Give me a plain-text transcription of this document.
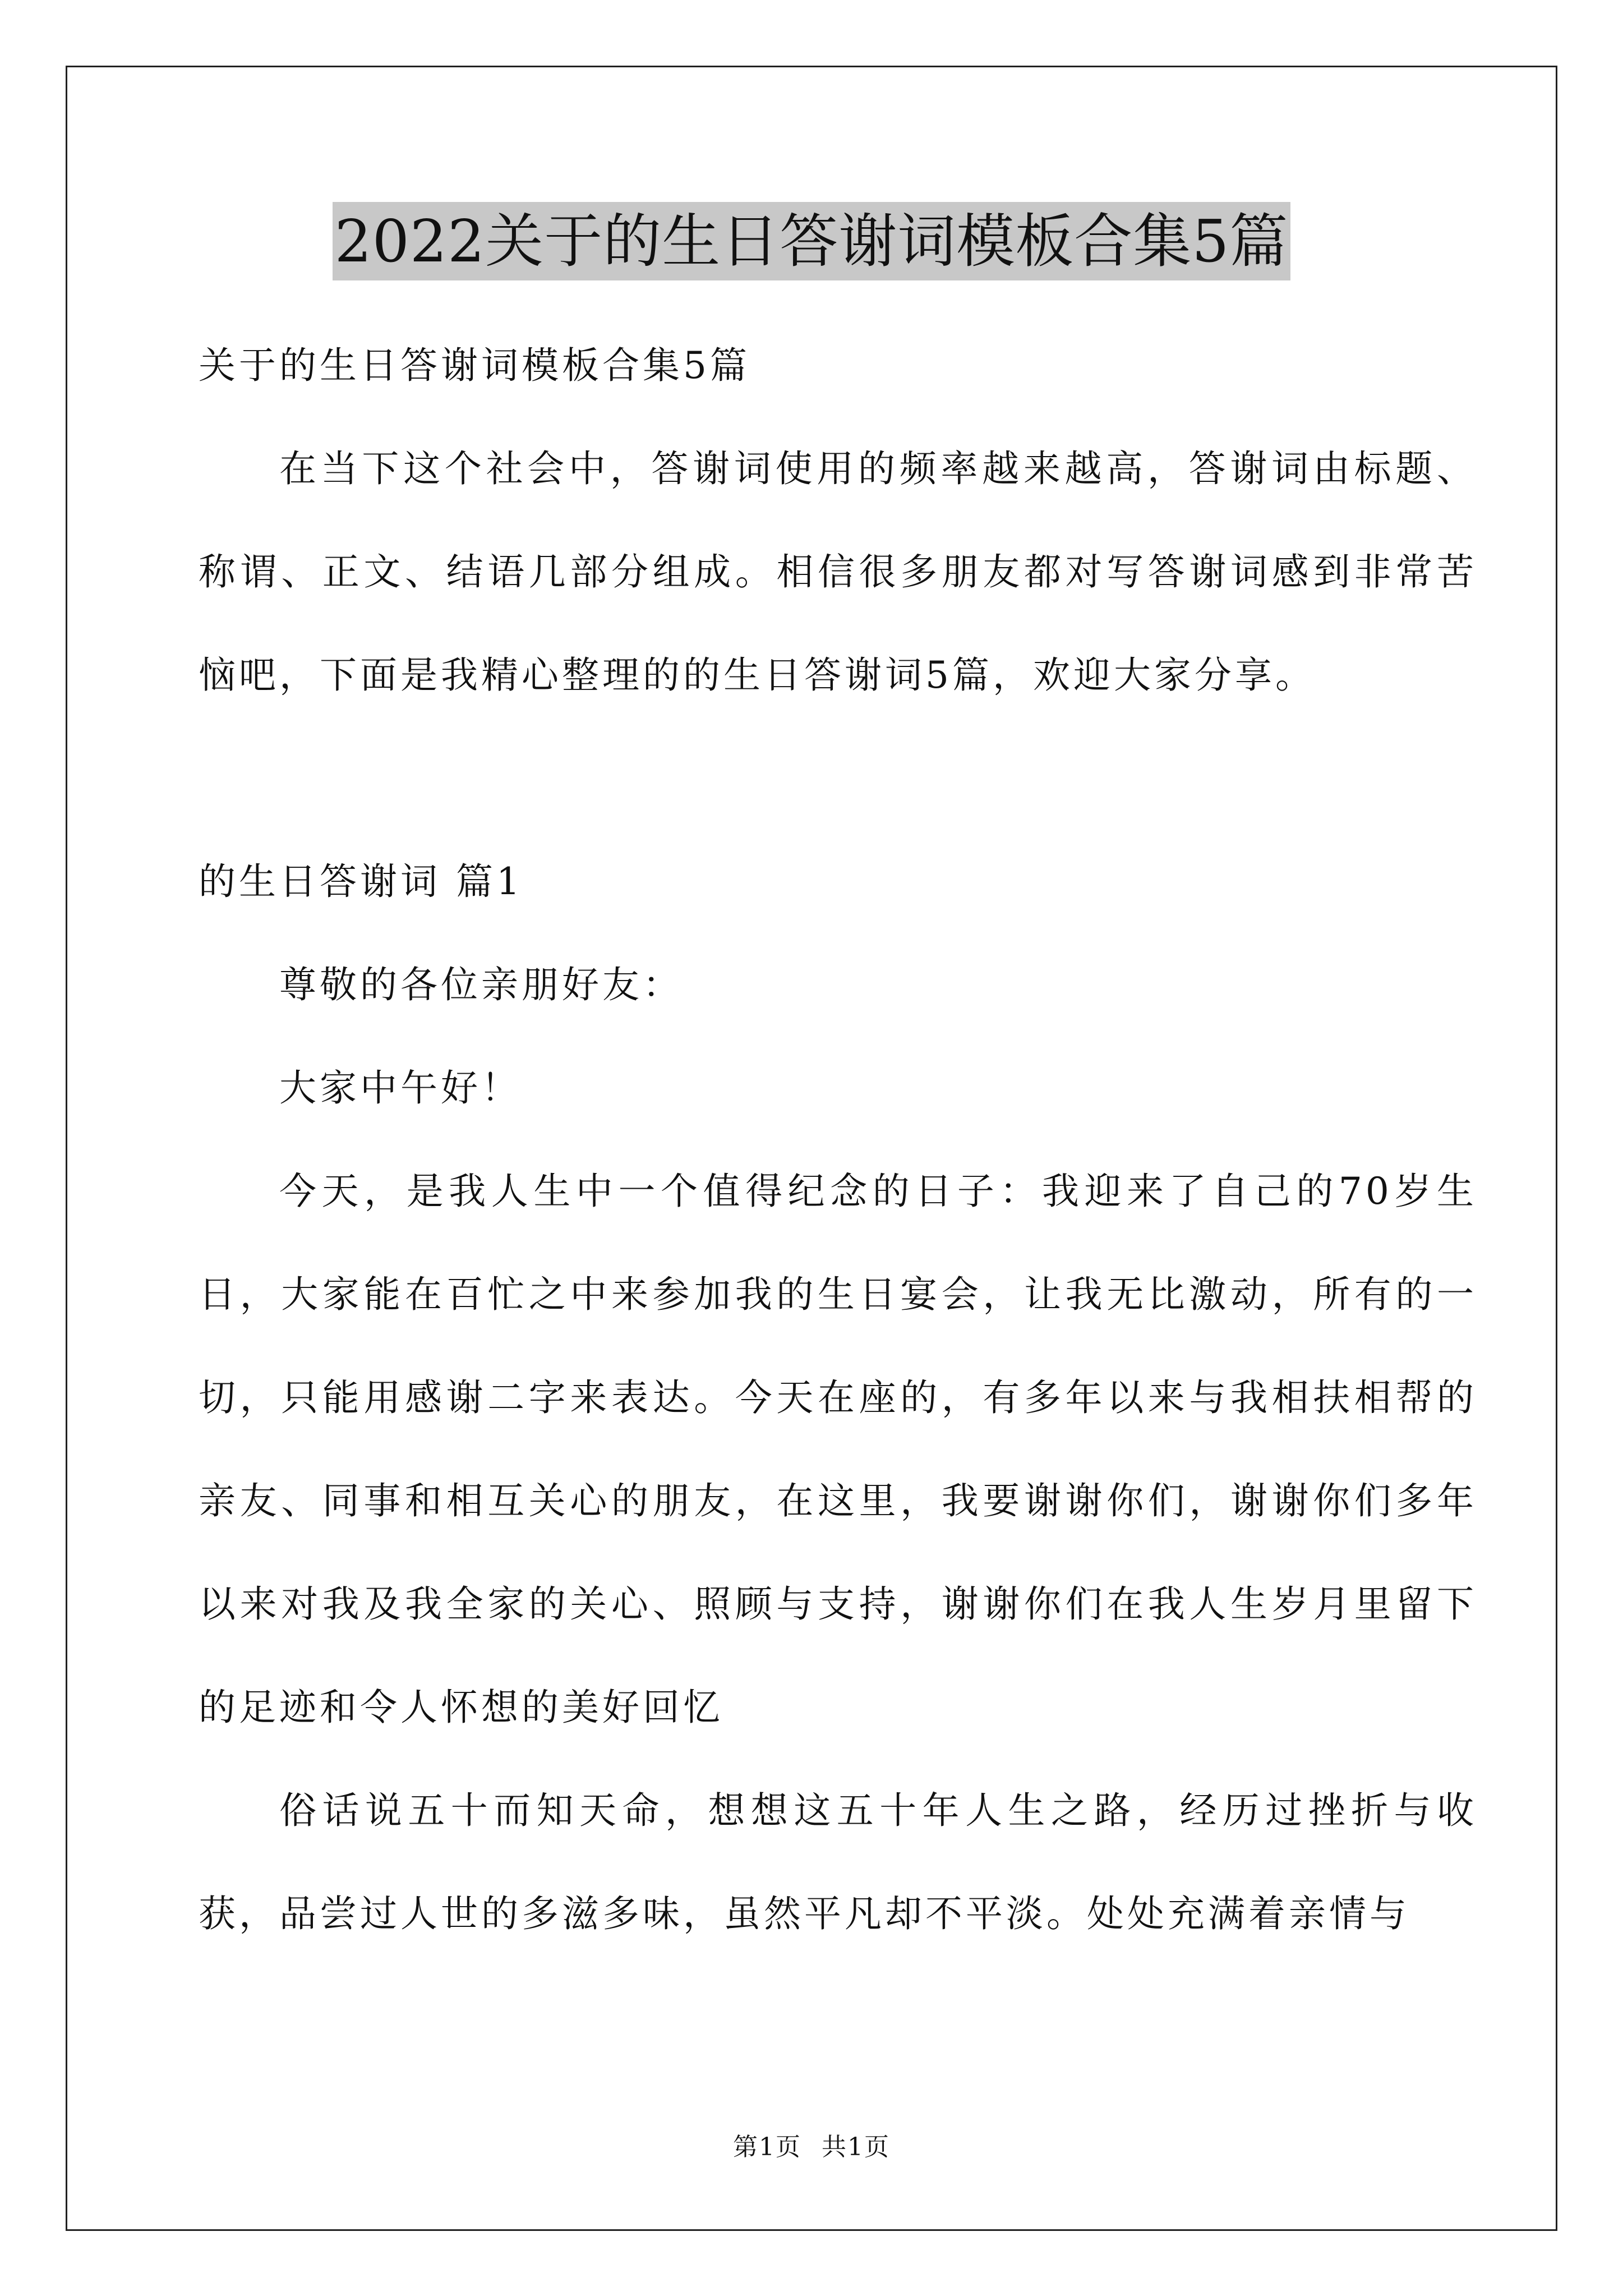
2022关于的生日答谢词模板合集5篇

关于的生日答谢词模板合集5篇

在当下这个社会中，答谢词使用的频率越来越高，答谢词由标题、称谓、正文、结语几部分组成。相信很多朋友都对写答谢词感到非常苦恼吧，下面是我精心整理的的生日答谢词5篇，欢迎大家分享。

的生日答谢词 篇1

尊敬的各位亲朋好友：

大家中午好！

今天，是我人生中一个值得纪念的日子：我迎来了自己的70岁生日，大家能在百忙之中来参加我的生日宴会，让我无比激动，所有的一切，只能用感谢二字来表达。今天在座的，有多年以来与我相扶相帮的亲友、同事和相互关心的朋友，在这里，我要谢谢你们，谢谢你们多年以来对我及我全家的关心、照顾与支持，谢谢你们在我人生岁月里留下的足迹和令人怀想的美好回忆

俗话说五十而知天命，想想这五十年人生之路，经历过挫折与收获，品尝过人世的多滋多味，虽然平凡却不平淡。处处充满着亲情与

第1页 共1页
